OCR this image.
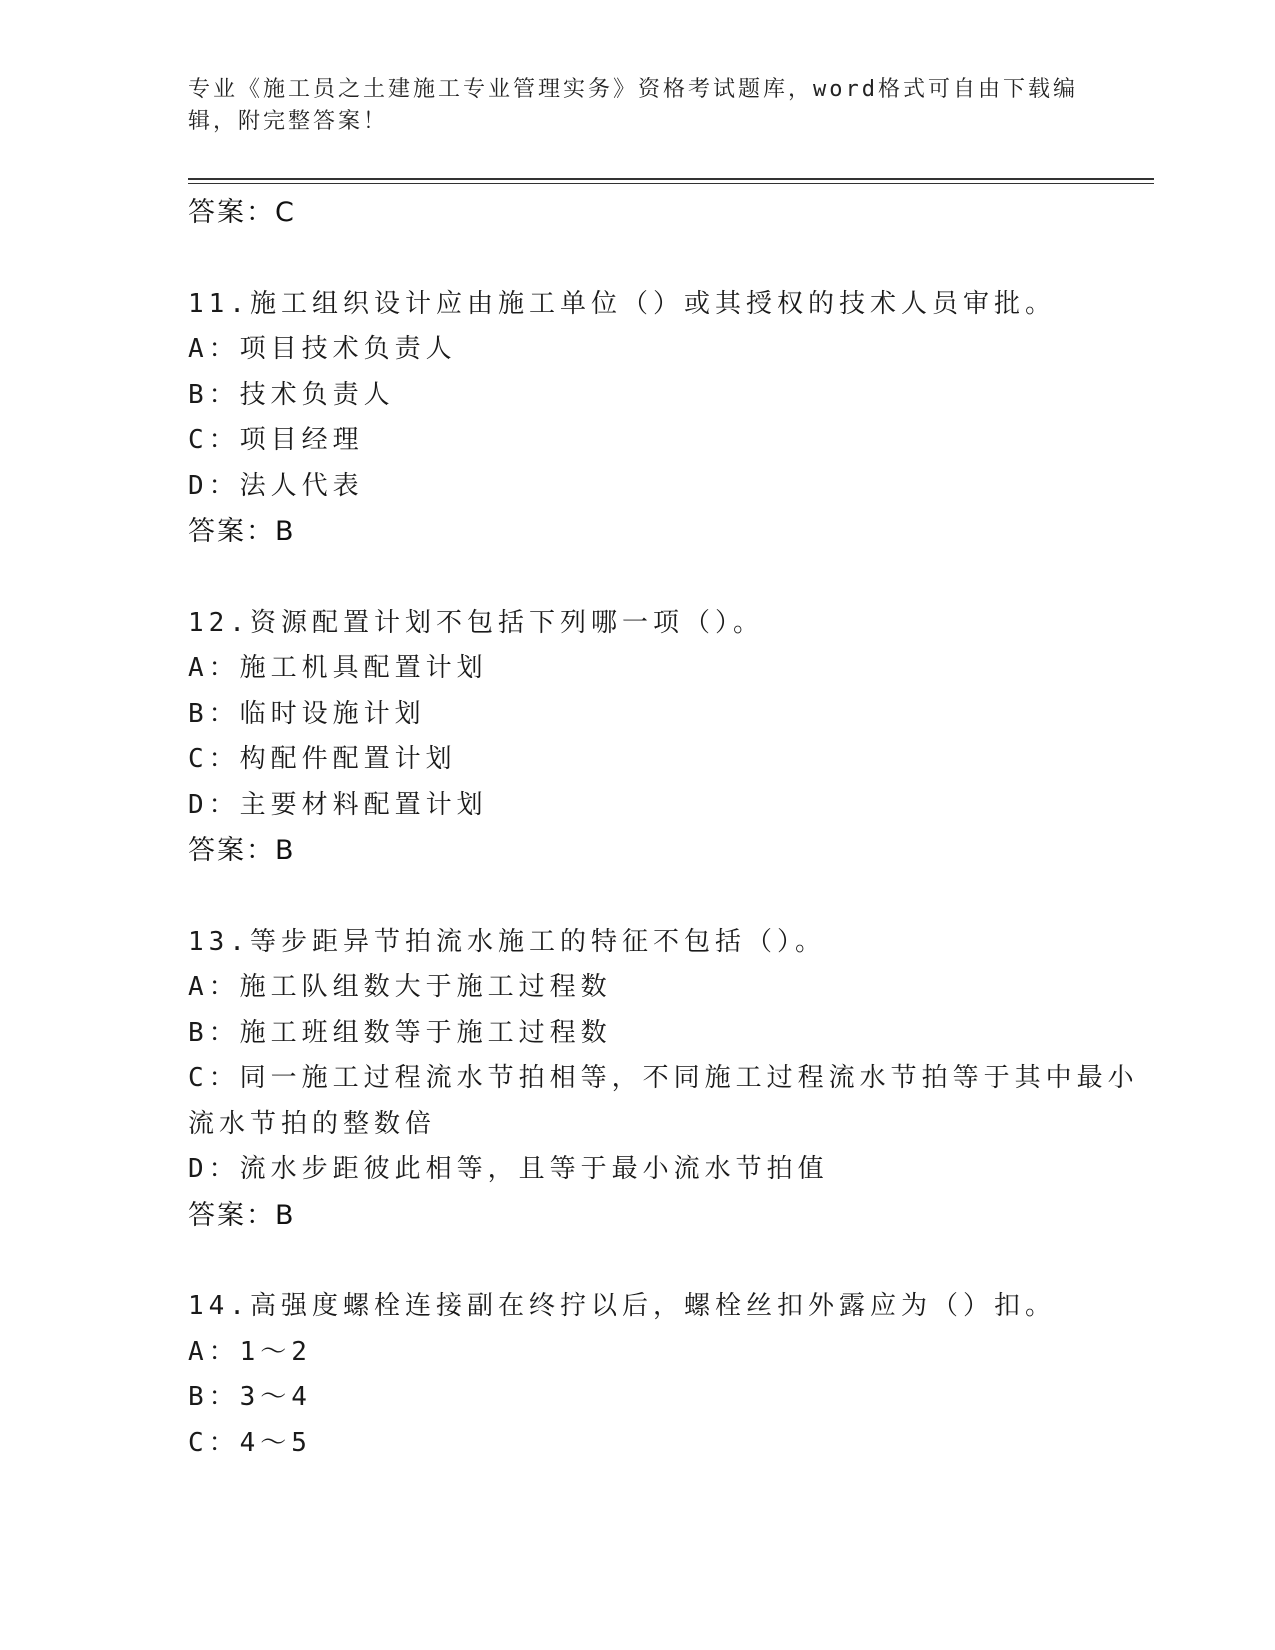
专业《施工员之土建施工专业管理实务》资格考试题库，word格式可自由下载编
辑，附完整答案！
答案：C
11.施工组织设计应由施工单位（）或其授权的技术人员审批。
A：项目技术负责人
B：技术负责人
C：项目经理
D：法人代表
答案：B
12.资源配置计划不包括下列哪一项（）。
A：施工机具配置计划
B：临时设施计划
C：构配件配置计划
D：主要材料配置计划
答案：B
13.等步距异节拍流水施工的特征不包括（）。
A：施工队组数大于施工过程数
B：施工班组数等于施工过程数
C：同一施工过程流水节拍相等，不同施工过程流水节拍等于其中最小
流水节拍的整数倍
D：流水步距彼此相等，且等于最小流水节拍值
答案：B
14.高强度螺栓连接副在终拧以后，螺栓丝扣外露应为（）扣。
A：1～2
B：3～4
C：4～5
